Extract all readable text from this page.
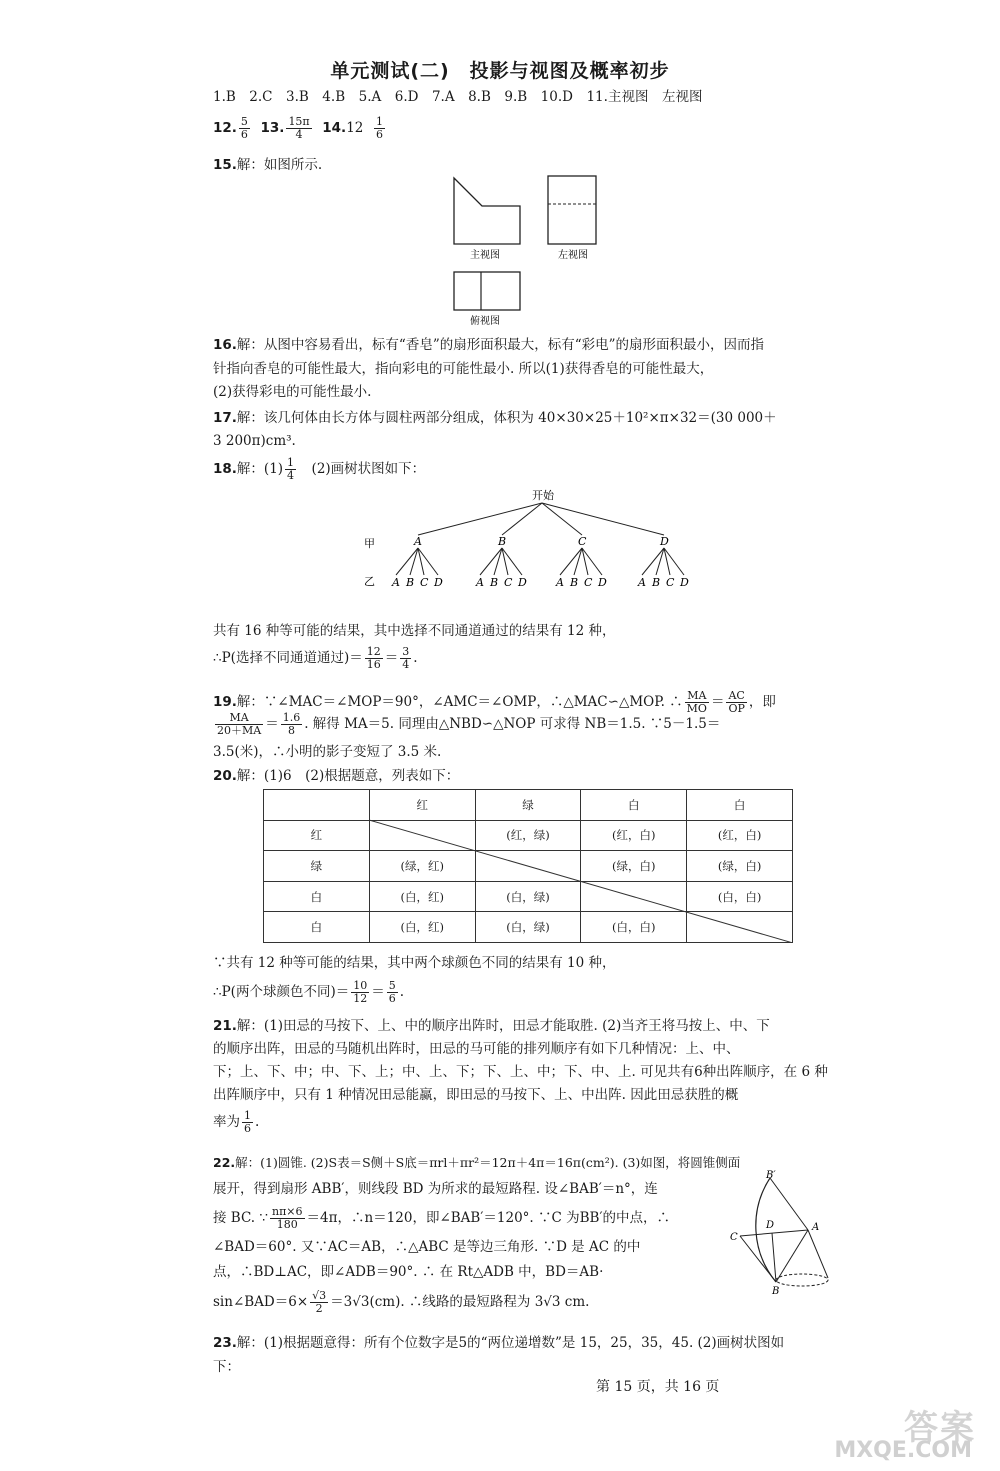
单元测试(二)　投影与视图及概率初步
1.B　2.C　3.B　4.B　5.A　6.D　7.A　8.B　9.B　10.D　11.主视图　左视图
12. $\frac{5}{6} 13$. $\frac{15\pi}{4} 14.12 \frac{1}{6}$
15.解：如图所示.
主视图	左视图
俯视图
16.解：从图中容易看出，标有“香皂”的扇形面积最大，标有“彩电”的扇形面积最小，因而指
针指向香皂的可能性最大，指向彩电的可能性最小. 所以(1)获得香皂的可能性最大，
(2)获得彩电的可能性最小.
17.解：该几何体由长方体与圆柱两部分组成，体积为 40×30×25＋10²×π×32＝(30 000＋
3 200π)cm³.
18.解：$(1) \frac{1}{4}$ 　(2)画树状图如下：
开始
甲
乙
A
A B C D
B
A B C D
C
A B C D
D
A B C D
共有 16 种等可能的结果，其中选择不同通道通过的结果有 12 种，
∴P(选择不同通道通过)＝ $\frac{12}{16} = \frac{3}{4}$ .
19.解：∵∠MAC＝∠MOP＝90°，∠AMC＝∠OMP，∴△MAC∽△MOP. ∴ $\frac{MA}{MO} = \frac{AC}{OP}$ ，即
$\frac{MA}{20+MA} = \frac{1.6}{8}$ . 解得 MA＝5. 同理由△NBD∽△NOP 可求得 NB＝1.5. ∵5－1.5＝
3.5(米)，∴小明的影子变短了 3.5 米.
20.解：(1)6　(2)根据题意，列表如下：
	红	绿	白	白
红		(红，绿)	(红，白)	(红，白)
绿	(绿，红)		(绿，白)	(绿，白)
白	(白，红)	(白，绿)		(白，白)
白	(白，红)	(白，绿)	(白，白)	
∵共有 12 种等可能的结果，其中两个球颜色不同的结果有 10 种，
∴P(两个球颜色不同)＝ $\frac{10}{12} = \frac{5}{6}$ .
21.解：(1)田忌的马按下、上、中的顺序出阵时，田忌才能取胜. (2)当齐王将马按上、中、下
的顺序出阵，田忌的马随机出阵时，田忌的马可能的排列顺序有如下几种情况：上、中、
下；上、下、中；中、下、上；中、上、下；下、上、中；下、中、上. 可见共有6种出阵顺序，在 6 种
出阵顺序中，只有 1 种情况田忌能赢，即田忌的马按下、上、中出阵. 因此田忌获胜的概
率为 $\frac{1}{6}$ .
22.解：(1)圆锥. (2)S表＝S侧＋S底＝πrl＋πr²＝12π＋4π＝16π(cm²). (3)如图，将圆锥侧面
展开，得到扇形 ABB′，则线段 BD 为所求的最短路程. 设∠BAB′＝n°，连
接 BC. ∵ $\frac{n\pi\times 6}{180} =4\pi$，∴n＝120，即∠BAB′＝120°. ∵C 为BB′的中点，∴
∠BAD＝60°. 又∵AC＝AB，∴△ABC 是等边三角形. ∵D 是 AC 的中
点，∴BD⊥AC，即∠ADB＝90°. ∴ 在 Rt△ADB 中，BD＝AB·
sin∠BAD＝6× $\frac{√3}{2} =3√3(cm)$. ∴线路的最短路程为 3√3 cm.
B′
A
D
C
B
23.解：(1)根据题意得：所有个位数字是5的“两位递增数”是 15，25，35，45. (2)画树状图如
下：
第 15 页，共 16 页
答案
MXQE.COM
